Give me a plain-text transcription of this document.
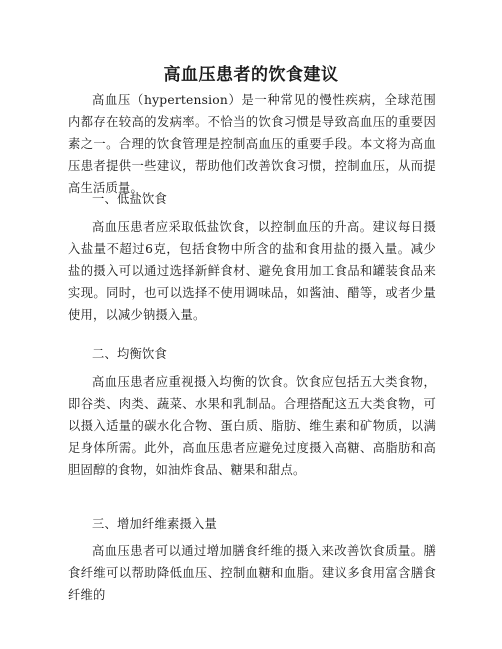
高血压患者的饮食建议

高血压（hypertension）是一种常见的慢性疾病，全球范围内都存在较高的发病率。不恰当的饮食习惯是导致高血压的重要因素之一。合理的饮食管理是控制高血压的重要手段。本文将为高血压患者提供一些建议，帮助他们改善饮食习惯，控制血压，从而提高生活质量。

一、低盐饮食

高血压患者应采取低盐饮食，以控制血压的升高。建议每日摄入盐量不超过6克，包括食物中所含的盐和食用盐的摄入量。减少盐的摄入可以通过选择新鲜食材、避免食用加工食品和罐装食品来实现。同时，也可以选择不使用调味品，如酱油、醋等，或者少量使用，以减少钠摄入量。

二、均衡饮食

高血压患者应重视摄入均衡的饮食。饮食应包括五大类食物，即谷类、肉类、蔬菜、水果和乳制品。合理搭配这五大类食物，可以摄入适量的碳水化合物、蛋白质、脂肪、维生素和矿物质，以满足身体所需。此外，高血压患者应避免过度摄入高糖、高脂肪和高胆固醇的食物，如油炸食品、糖果和甜点。

三、增加纤维素摄入量

高血压患者可以通过增加膳食纤维的摄入来改善饮食质量。膳食纤维可以帮助降低血压、控制血糖和血脂。建议多食用富含膳食纤维的
